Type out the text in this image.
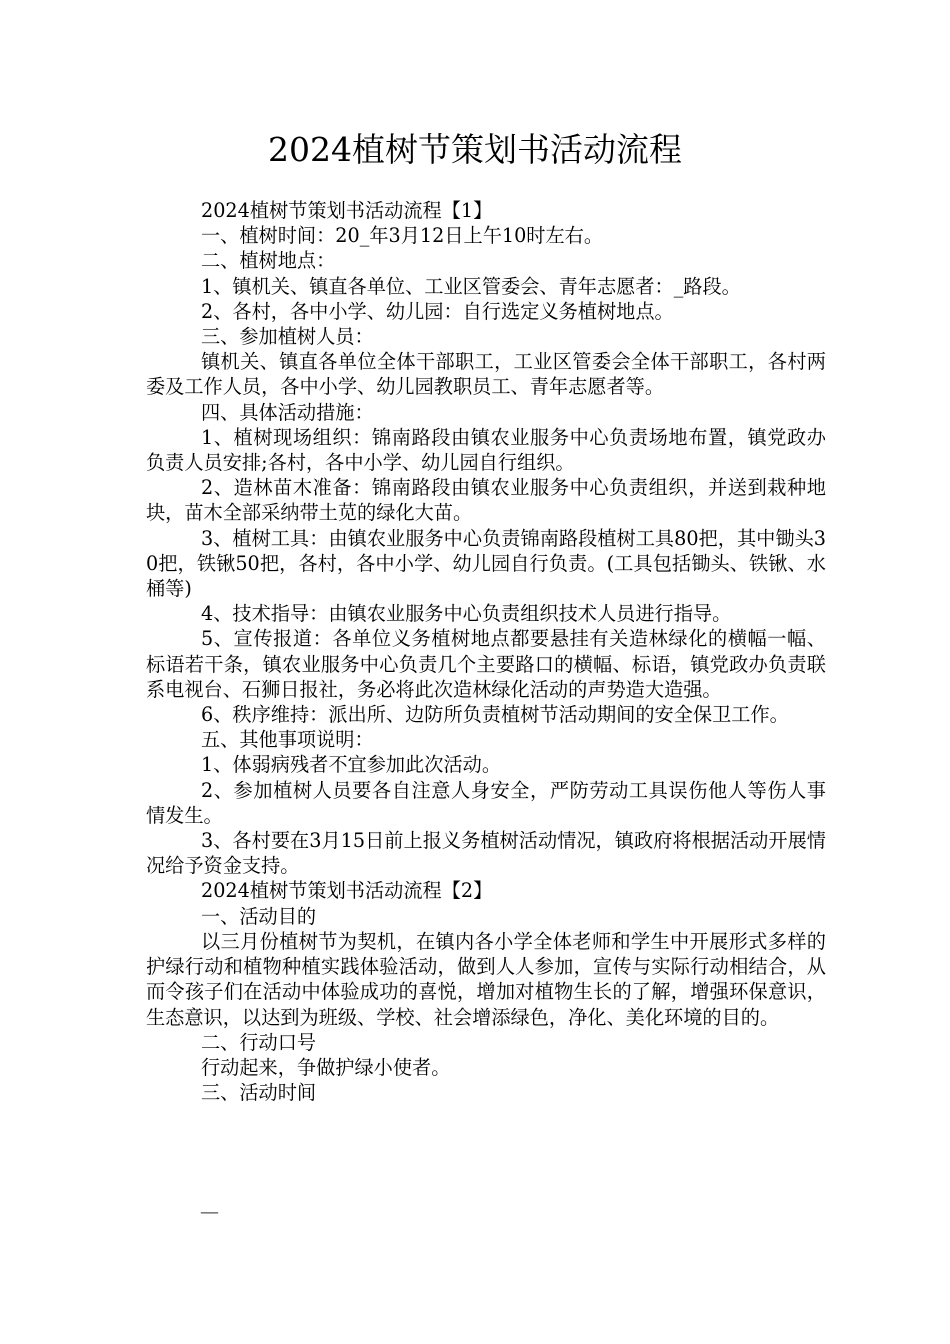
2024植树节策划书活动流程

2024植树节策划书活动流程【1】

一、植树时间：20_年3月12日上午10时左右。

二、植树地点：

1、镇机关、镇直各单位、工业区管委会、青年志愿者：_路段。

2、各村，各中小学、幼儿园：自行选定义务植树地点。

三、参加植树人员：

镇机关、镇直各单位全体干部职工，工业区管委会全体干部职工，各村两委及工作人员，各中小学、幼儿园教职员工、青年志愿者等。

四、具体活动措施：

1、植树现场组织：锦南路段由镇农业服务中心负责场地布置，镇党政办负责人员安排;各村，各中小学、幼儿园自行组织。

2、造林苗木准备：锦南路段由镇农业服务中心负责组织，并送到栽种地块，苗木全部采纳带土苋的绿化大苗。

3、植树工具：由镇农业服务中心负责锦南路段植树工具80把，其中锄头30把，铁锹50把，各村，各中小学、幼儿园自行负责。(工具包括锄头、铁锹、水桶等)

4、技术指导：由镇农业服务中心负责组织技术人员进行指导。

5、宣传报道：各单位义务植树地点都要悬挂有关造林绿化的横幅一幅、标语若干条，镇农业服务中心负责几个主要路口的横幅、标语，镇党政办负责联系电视台、石狮日报社，务必将此次造林绿化活动的声势造大造强。

6、秩序维持：派出所、边防所负责植树节活动期间的安全保卫工作。

五、其他事项说明：

1、体弱病残者不宜参加此次活动。

2、参加植树人员要各自注意人身安全，严防劳动工具误伤他人等伤人事情发生。

3、各村要在3月15日前上报义务植树活动情况，镇政府将根据活动开展情况给予资金支持。

2024植树节策划书活动流程【2】

一、活动目的

以三月份植树节为契机，在镇内各小学全体老师和学生中开展形式多样的护绿行动和植物种植实践体验活动，做到人人参加，宣传与实际行动相结合，从而令孩子们在活动中体验成功的喜悦，增加对植物生长的了解，增强环保意识，生态意识，以达到为班级、学校、社会增添绿色，净化、美化环境的目的。

二、行动口号

行动起来，争做护绿小使者。

三、活动时间

—
